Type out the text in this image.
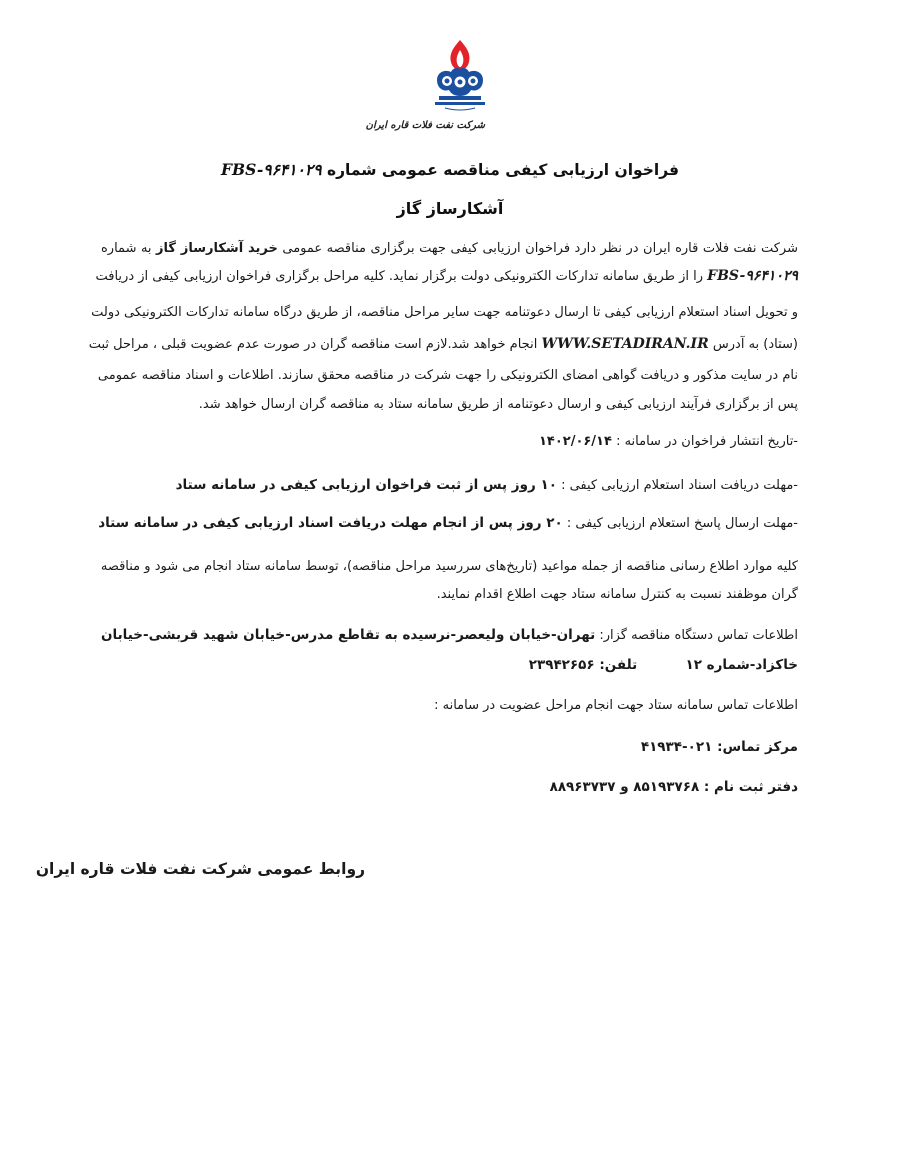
شرکت نفت فلات قاره ایران
فراخوان ارزیابی کیفی مناقصه عمومی شماره FBS-۹۶۴۱۰۲۹
آشکارساز گاز
شرکت نفت فلات قاره ایران در نظر دارد فراخوان ارزیابی کیفی جهت برگزاری مناقصه عمومی خرید آشکارساز گاز به شماره
FBS-۹۶۴۱۰۲۹ را از طریق سامانه تدارکات الکترونیکی دولت برگزار نماید. کلیه مراحل برگزاری فراخوان ارزیابی کیفی از دریافت
و تحویل اسناد استعلام ارزیابی کیفی تا ارسال دعوتنامه جهت سایر مراحل مناقصه، از طریق درگاه سامانه تدارکات الکترونیکی دولت
(ستاد) به آدرس WWW.SETADIRAN.IR انجام خواهد شد.لازم است مناقصه گران در صورت عدم عضویت قبلی ، مراحل ثبت
نام در سایت مذکور و دریافت گواهی امضای الکترونیکی را جهت شرکت در مناقصه محقق سازند. اطلاعات و اسناد مناقصه عمومی
پس از برگزاری فرآیند ارزیابی کیفی و ارسال دعوتنامه از طریق سامانه ستاد به مناقصه گران ارسال خواهد شد.
-تاریخ انتشار فراخوان در سامانه : ۱۴۰۲/۰۶/۱۴
-مهلت دریافت اسناد استعلام ارزیابی کیفی : ۱۰ روز پس از ثبت فراخوان ارزیابی کیفی در سامانه ستاد
-مهلت ارسال پاسخ استعلام ارزیابی کیفی : ۲۰ روز پس از انجام مهلت دریافت اسناد ارزیابی کیفی در سامانه ستاد
کلیه موارد اطلاع رسانی مناقصه از جمله مواعید (تاریخ‌های سررسید مراحل مناقصه)، توسط سامانه ستاد انجام می شود و مناقصه
گران موظفند نسبت به کنترل سامانه ستاد جهت اطلاع اقدام نمایند.
اطلاعات تماس دستگاه مناقصه گزار: تهران-خیابان ولیعصر-نرسیده به تقاطع مدرس-خیابان شهید قربشی-خیابان
خاکزاد-شماره ۱۲  تلفن: ۲۳۹۴۲۶۵۶
اطلاعات تماس سامانه ستاد جهت انجام مراحل عضویت در سامانه :
مرکز تماس: ۰۲۱-۴۱۹۳۴
دفتر ثبت نام : ۸۵۱۹۳۷۶۸ و ۸۸۹۶۳۷۳۷
روابط عمومی شرکت نفت فلات قاره ایران
